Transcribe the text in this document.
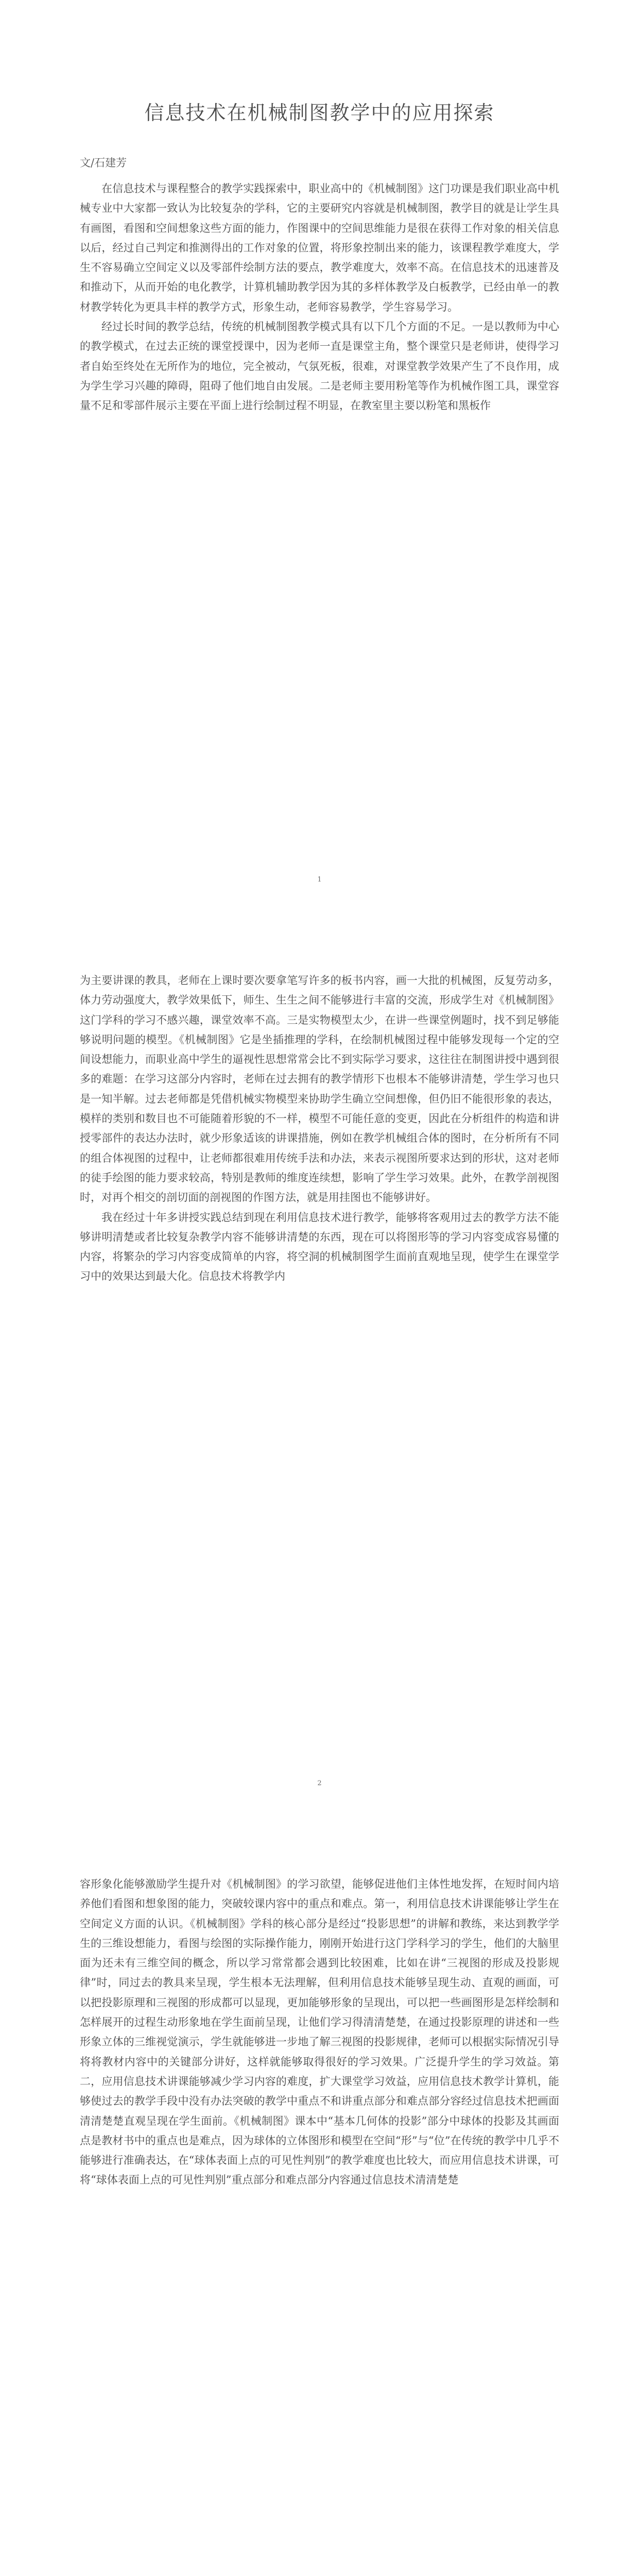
信息技术在机械制图教学中的应用探索
文/石建芳

在信息技术与课程整合的教学实践探索中，职业高中的《机械制图》这门功课是我们职业高中机械专业中大家都一致认为比较复杂的学科，它的主要研究内容就是机械制图，教学目的就是让学生具有画图，看图和空间想象这些方面的能力，作图课中的空间思维能力是很在获得工作对象的相关信息以后，经过自己判定和推测得出的工作对象的位置，将形象控制出来的能力，该课程教学难度大，学生不容易确立空间定义以及零部件绘制方法的要点，教学难度大，效率不高。在信息技术的迅速普及和推动下，从而开始的电化教学，计算机辅助教学因为其的多样体教学及白板教学，已经由单一的教材教学转化为更具丰样的教学方式，形象生动，老师容易教学，学生容易学习。

经过长时间的教学总结，传统的机械制图教学模式具有以下几个方面的不足。一是以教师为中心的教学模式，在过去正统的课堂授课中，因为老师一直是课堂主角，整个课堂只是老师讲，使得学习者自始至终处在无所作为的地位，完全被动，气氛死板，很难，对课堂教学效果产生了不良作用，成为学生学习兴趣的障碍，阻碍了他们地自由发展。二是老师主要用粉笔等作为机械作图工具，课堂容量不足和零部件展示主要在平面上进行绘制过程不明显，在教室里主要以粉笔和黑板作

1

为主要讲课的教具，老师在上课时要次要拿笔写许多的板书内容，画一大批的机械图，反复劳动多，体力劳动强度大，教学效果低下，师生、生生之间不能够进行丰富的交流，形成学生对《机械制图》这门学科的学习不感兴趣，课堂效率不高。三是实物模型太少，在讲一些课堂例题时，找不到足够能够说明问题的模型。《机械制图》它是坐插推理的学科，在绘制机械图过程中能够发现每一个定的空间设想能力，而职业高中学生的逼视性思想常常会比不到实际学习要求，这往往在制图讲授中遇到很多的难题：在学习这部分内容时，老师在过去拥有的教学情形下也根本不能够讲清楚，学生学习也只是一知半解。过去老师都是凭借机械实物模型来协助学生确立空间想像，但仍旧不能很形象的表达，模样的类别和数目也不可能随着形貌的不一样，模型不可能任意的变更，因此在分析组件的构造和讲授零部件的表达办法时，就少形象适该的讲课措施，例如在教学机械组合体的图时，在分析所有不同的组合体视图的过程中，让老师都很难用传统手法和办法，来表示视图所要求达到的形状，这对老师的徒手绘图的能力要求较高，特别是教师的维度连续想，影响了学生学习效果。此外，在教学剖视图时，对再个相交的剖切面的剖视图的作图方法，就是用挂图也不能够讲好。

我在经过十年多讲授实践总结到现在利用信息技术进行教学，能够将客观用过去的教学方法不能够讲明清楚或者比较复杂教学内容不能够讲清楚的东西，现在可以将图形等的学习内容变成容易懂的内容，将繁杂的学习内容变成简单的内容，将空洞的机械制图学生面前直观地呈现，使学生在课堂学习中的效果达到最大化。信息技术将教学内

2

容形象化能够激励学生提升对《机械制图》的学习欲望，能够促进他们主体性地发挥，在短时间内培养他们看图和想象图的能力，突破较课内容中的重点和难点。第一，利用信息技术讲课能够让学生在空间定义方面的认识。《机械制图》学科的核心部分是经过“投影思想”的讲解和教练，来达到教学学生的三维设想能力，看图与绘图的实际操作能力，刚刚开始进行这门学科学习的学生，他们的大脑里面为还未有三维空间的概念，所以学习常常都会遇到比较困难，比如在讲“三视图的形成及投影规律”时，同过去的教具来呈现，学生根本无法理解，但利用信息技术能够呈现生动、直观的画面，可以把投影原理和三视图的形成都可以显现，更加能够形象的呈现出，可以把一些画图形是怎样绘制和怎样展开的过程生动形象地在学生面前呈现，让他们学习得清清楚楚，在通过投影原理的讲述和一些形象立体的三维视觉演示，学生就能够进一步地了解三视图的投影规律，老师可以根据实际情况引导将将教材内容中的关键部分讲好，这样就能够取得很好的学习效果。广泛提升学生的学习效益。第二，应用信息技术讲课能够减少学习内容的难度，扩大课堂学习效益，应用信息技术教学计算机，能够使过去的教学手段中没有办法突破的教学中重点不和讲重点部分和难点部分容经过信息技术把画面清清楚楚直观呈现在学生面前。《机械制图》课本中“基本几何体的投影”部分中球体的投影及其画面点是教材书中的重点也是难点，因为球体的立体图形和模型在空间“形”与“位”在传统的教学中几乎不能够进行准确表达，在“球体表面上点的可见性判别”的教学难度也比较大，而应用信息技术讲课，可将“球体表面上点的可见性判别”重点部分和难点部分内容通过信息技术清清楚楚
